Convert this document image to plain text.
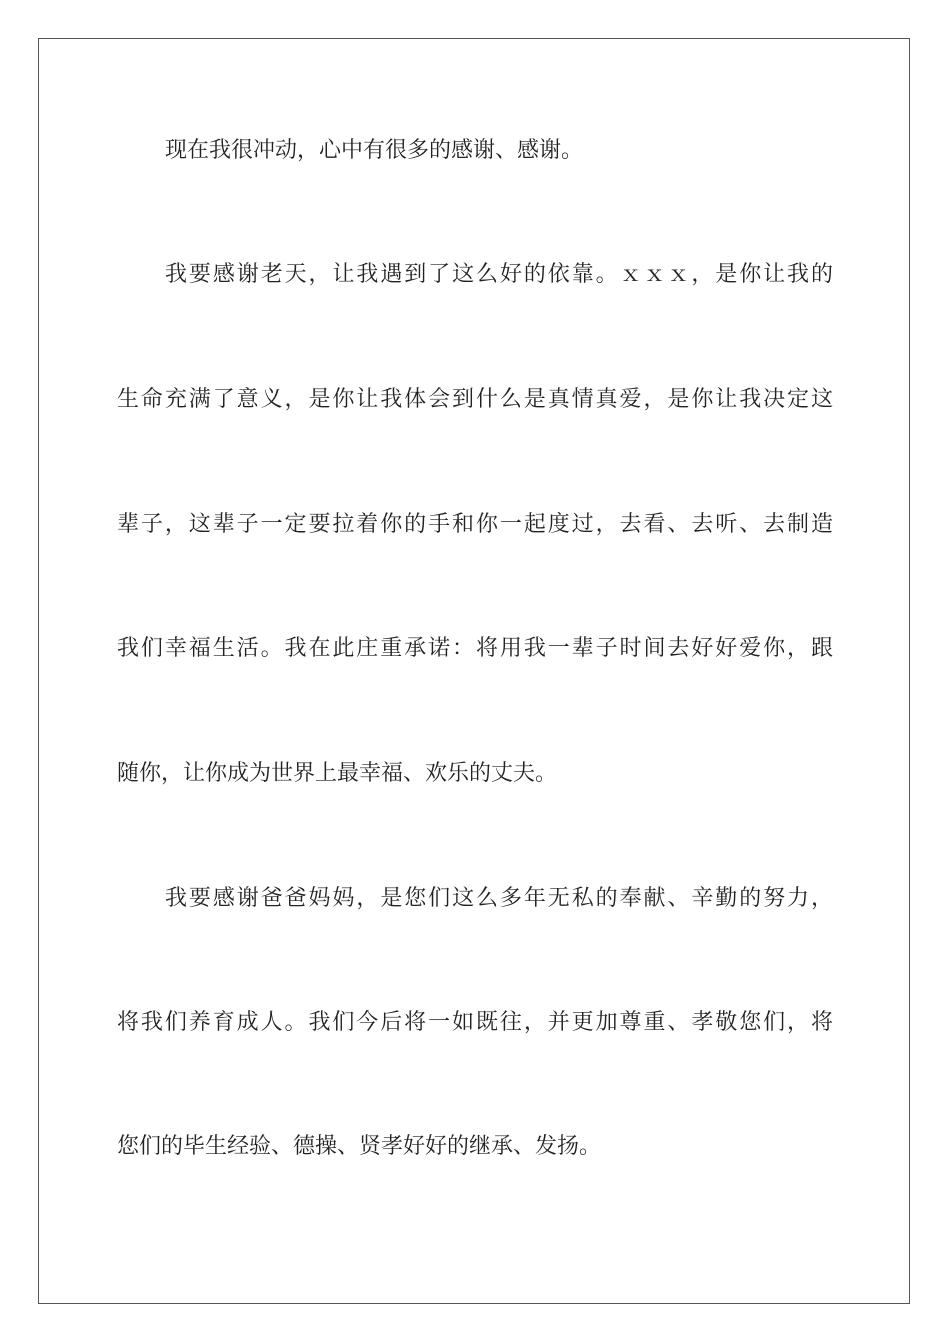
现在我很冲动，心中有很多的感谢、感谢。
我要感谢老天，让我遇到了这么好的依靠。ｘｘｘ，是你让我的
生命充满了意义，是你让我体会到什么是真情真爱，是你让我决定这
辈子，这辈子一定要拉着你的手和你一起度过，去看、去听、去制造
我们幸福生活。我在此庄重承诺：将用我一辈子时间去好好爱你，跟
随你，让你成为世界上最幸福、欢乐的丈夫。
我要感谢爸爸妈妈，是您们这么多年无私的奉献、辛勤的努力，
将我们养育成人。我们今后将一如既往，并更加尊重、孝敬您们，将
您们的毕生经验、德操、贤孝好好的继承、发扬。
